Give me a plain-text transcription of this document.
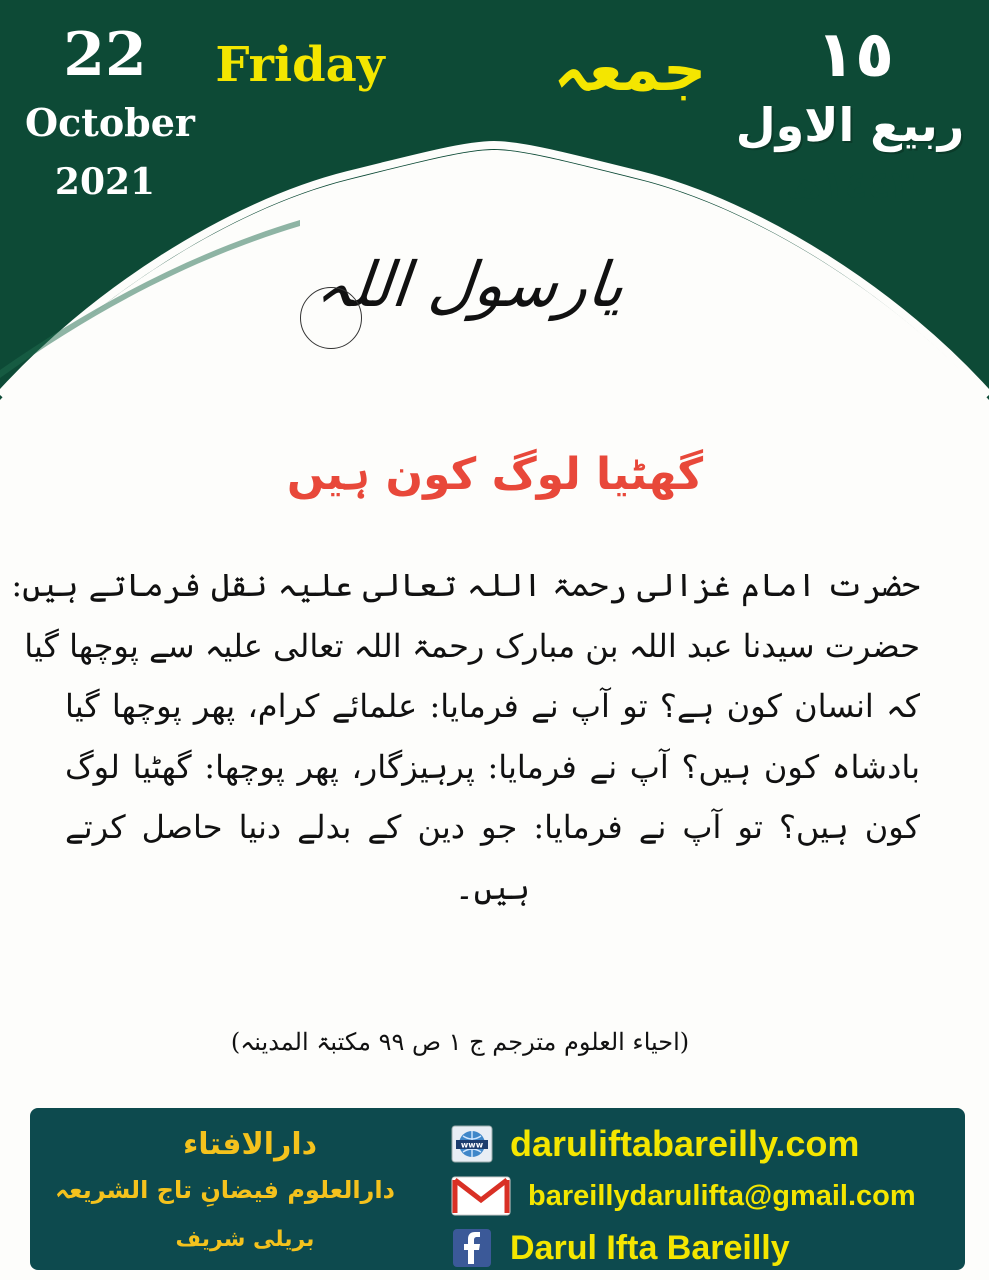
22
October
2021
Friday	جمعہ	١٥
ربیع الاول
١٤٤٣ھ
یارسول اللہ
گھٹیا لوگ کون ہیں
حضرت امام غزالی رحمۃ اللہ تعالی علیہ نقل فرماتے ہیں:
حضرت سیدنا عبد اللہ بن مبارک رحمۃ اللہ تعالی علیہ سے پوچھا گیا
کہ انسان کون ہے؟ تو آپ نے فرمایا: علمائے کرام، پھر پوچھا گیا
بادشاہ کون ہیں؟ آپ نے فرمایا: پرہیزگار، پھر پوچھا: گھٹیا لوگ
کون ہیں؟ تو آپ نے فرمایا: جو دین کے بدلے دنیا حاصل کرتے
ہیں۔
(احیاء العلوم مترجم ج ١ ص ٩٩ مکتبۃ المدینہ)
دارالافتاء
دارالعلوم فیضانِ تاج الشریعہ
بریلی شریف
www daruliftabareilly.com
bareillydarulifta@gmail.com
Darul Ifta Bareilly
